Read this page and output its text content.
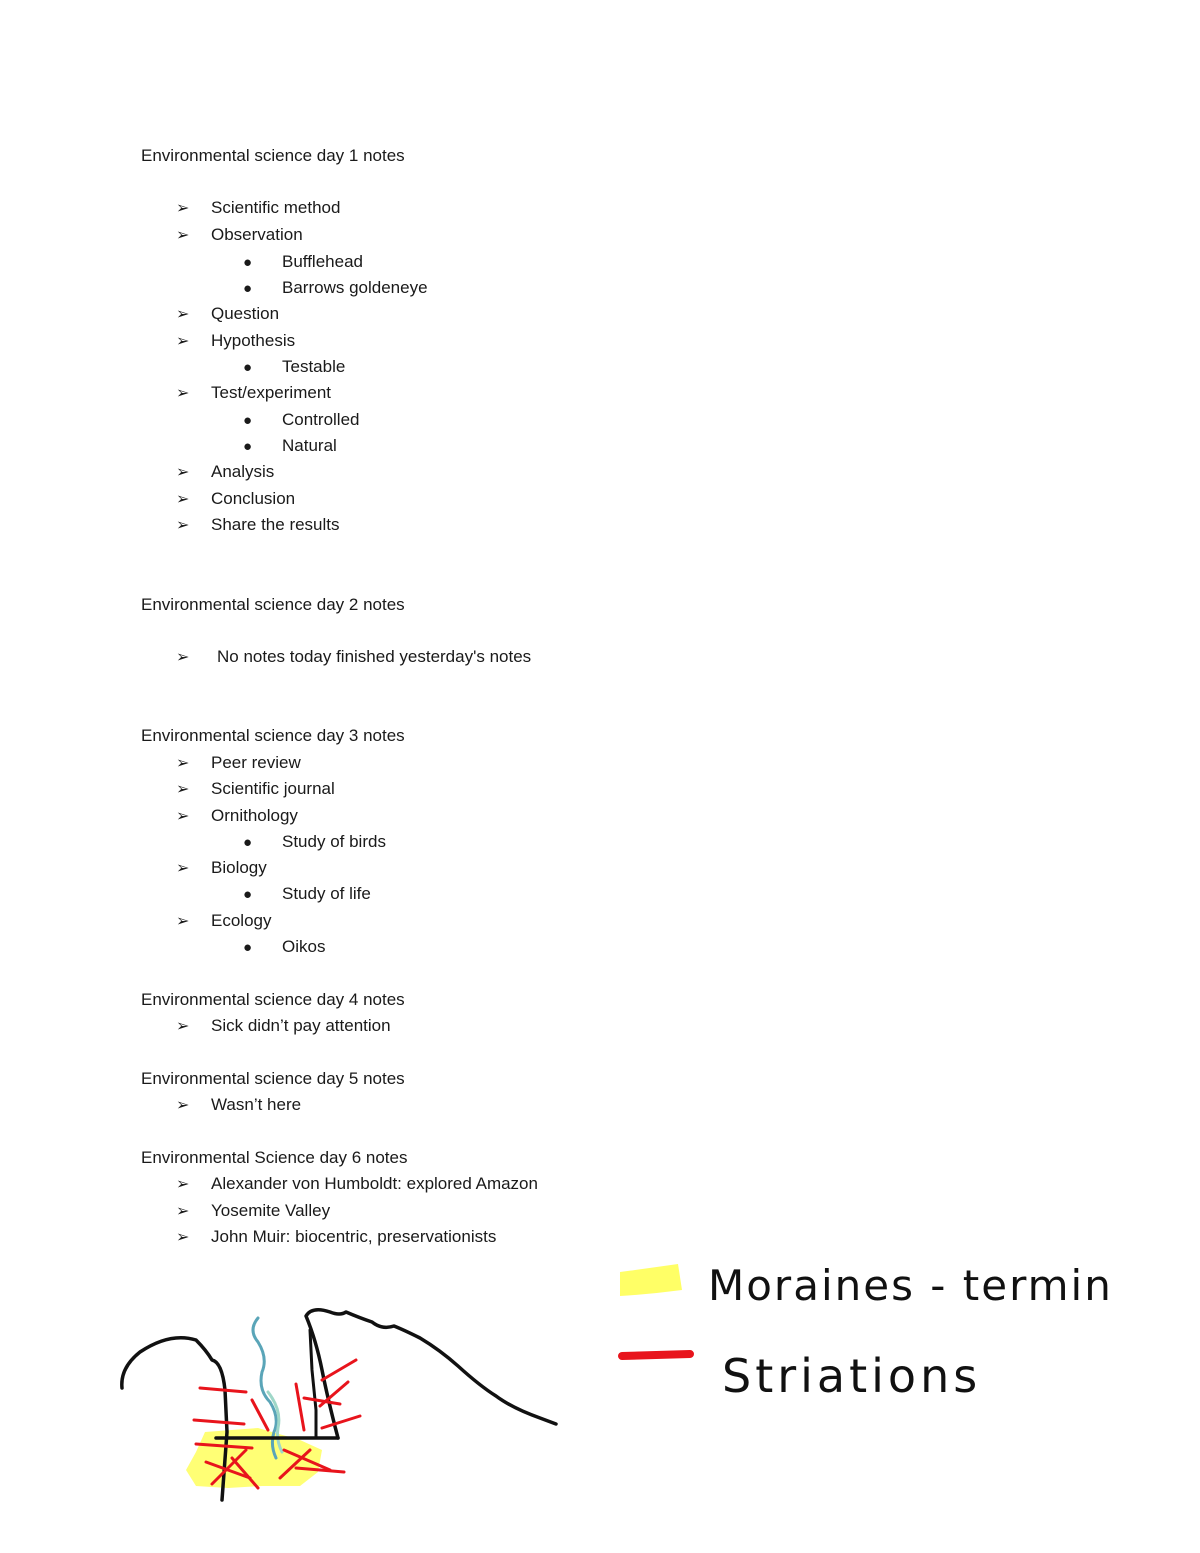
Environmental science day 1 notes
➢ Scientific method
➢ Observation
● Bufflehead
● Barrows goldeneye
➢ Question
➢ Hypothesis
● Testable
➢ Test/experiment
● Controlled
● Natural
➢ Analysis
➢ Conclusion
➢ Share the results
Environmental science day 2 notes
➢ No notes today finished yesterday's notes
Environmental science day 3 notes
➢ Peer review
➢ Scientific journal
➢ Ornithology
● Study of birds
➢ Biology
● Study of life
➢ Ecology
● Oikos
Environmental science day 4 notes
➢ Sick didn’t pay attention
Environmental science day 5 notes
➢ Wasn’t here
Environmental Science day 6 notes
➢ Alexander von Humboldt: explored Amazon
➢ Yosemite Valley
➢ John Muir: biocentric, preservationists
Moraines - termin
Striations
